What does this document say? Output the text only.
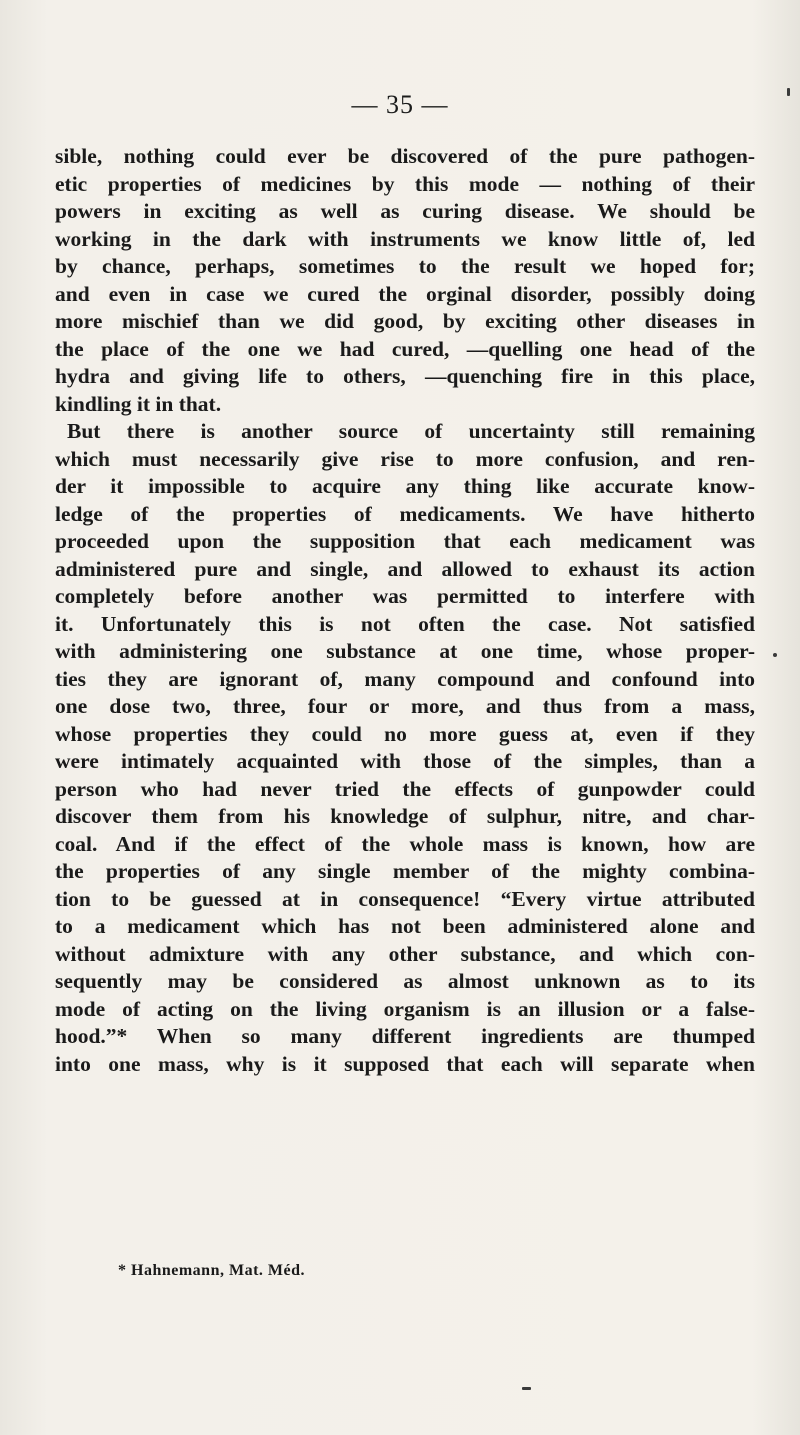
— 35 —
sible, nothing could ever be discovered of the pure pathogen-
etic properties of medicines by this mode — nothing of their
powers in exciting as well as curing disease. We should be
working in the dark with instruments we know little of, led
by chance, perhaps, sometimes to the result we hoped for;
and even in case we cured the orginal disorder, possibly doing
more mischief than we did good, by exciting other diseases in
the place of the one we had cured, —quelling one head of the
hydra and giving life to others, —quenching fire in this place,
kindling it in that.
But there is another source of uncertainty still remaining
which must necessarily give rise to more confusion, and ren-
der it impossible to acquire any thing like accurate know-
ledge of the properties of medicaments. We have hitherto
proceeded upon the supposition that each medicament was
administered pure and single, and allowed to exhaust its action
completely before another was permitted to interfere with
it. Unfortunately this is not often the case. Not satisfied
with administering one substance at one time, whose proper-
ties they are ignorant of, many compound and confound into
one dose two, three, four or more, and thus from a mass,
whose properties they could no more guess at, even if they
were intimately acquainted with those of the simples, than a
person who had never tried the effects of gunpowder could
discover them from his knowledge of sulphur, nitre, and char-
coal. And if the effect of the whole mass is known, how are
the properties of any single member of the mighty combina-
tion to be guessed at in consequence! “Every virtue attributed
to a medicament which has not been administered alone and
without admixture with any other substance, and which con-
sequently may be considered as almost unknown as to its
mode of acting on the living organism is an illusion or a false-
hood.”* When so many different ingredients are thumped
into one mass, why is it supposed that each will separate when
* Hahnemann, Mat. Méd.
